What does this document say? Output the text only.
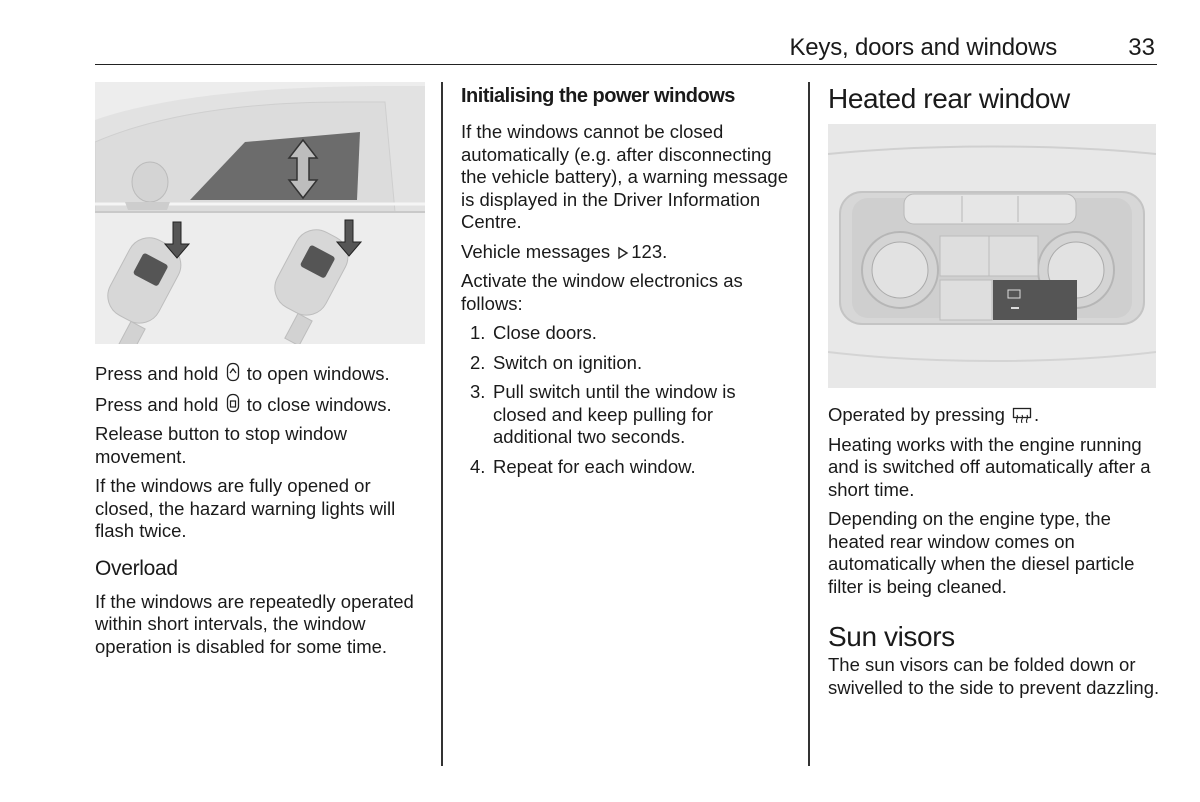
Keys, doors and windows	33

Press and hold  to open windows.

Press and hold  to close windows.

Release button to stop window movement.

If the windows are fully opened or closed, the hazard warning lights will flash twice.

Overload

If the windows are repeatedly operated within short intervals, the window operation is disabled for some time.

Initialising the power windows

If the windows cannot be closed automatically (e.g. after disconnecting the vehicle battery), a warning message is displayed in the Driver Information Centre.

Vehicle messages 123.

Activate the window electronics as follows:

1. Close doors.
2. Switch on ignition.
3. Pull switch until the window is closed and keep pulling for additional two seconds.
4. Repeat for each window.
Heated rear window

Operated by pressing .

Heating works with the engine running and is switched off automatically after a short time.

Depending on the engine type, the heated rear window comes on automatically when the diesel particle filter is being cleaned.

Sun visors

The sun visors can be folded down or swivelled to the side to prevent dazzling.
